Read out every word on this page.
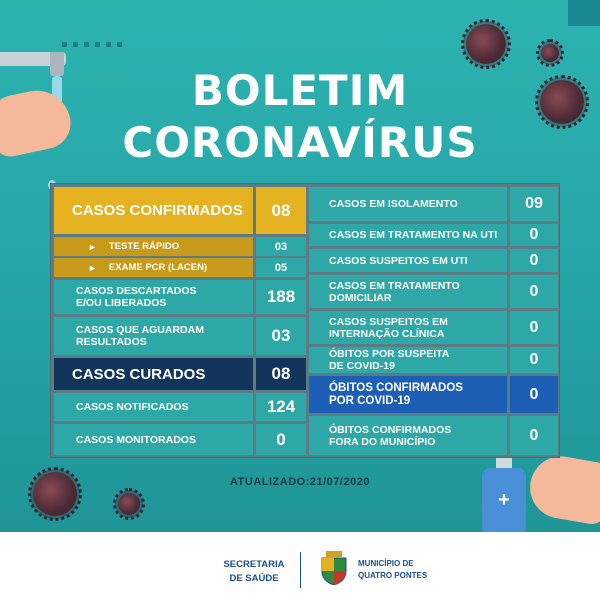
+
BOLETIM
CORONAVÍRUS
CASOS CONFIRMADOS	08
► TESTE RÁPIDO	03
► EXAME PCR (LACEN)	05
CASOS DESCARTADOS
E/OU LIBERADOS	188
CASOS QUE AGUARDAM
RESULTADOS	03
CASOS CURADOS	08
CASOS NOTIFICADOS	124
CASOS MONITORADOS	0
CASOS EM ISOLAMENTO	09
CASOS EM TRATAMENTO NA UTI	0
CASOS SUSPEITOS EM UTI	0
CASOS EM TRATAMENTO
DOMICILIAR	0
CASOS SUSPEITOS EM
INTERNAÇÃO CLÍNICA	0
ÓBITOS POR SUSPEITA
DE COVID-19	0
ÓBITOS CONFIRMADOS
POR COVID-19	0
ÓBITOS CONFIRMADOS
FORA DO MUNICÍPIO	0
ATUALIZADO:21/07/2020
SECRETARIA
DE SAÚDE
MUNICÍPIO DE
QUATRO PONTES
